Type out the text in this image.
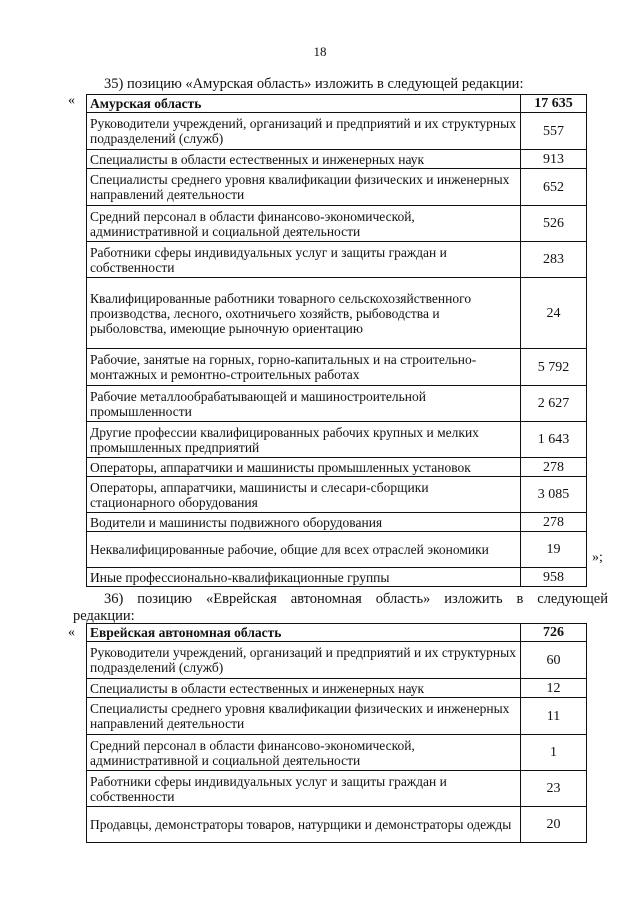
18
35) позицию «Амурская область» изложить в следующей редакции:
« Амурская область	17 635
Руководители учреждений, организаций и предприятий и их структурных подразделений (служб)	557
Специалисты в области естественных и инженерных наук	913
Специалисты среднего уровня квалификации физических и инженерных направлений деятельности	652
Средний персонал в области финансово-экономической, административной и социальной деятельности	526
Работники сферы индивидуальных услуг и защиты граждан и собственности	283
Квалифицированные работники товарного сельскохозяйственного производства, лесного, охотничьего хозяйств, рыбоводства и рыболовства, имеющие рыночную ориентацию	24
Рабочие, занятые на горных, горно-капитальных и на строительно-монтажных и ремонтно-строительных работах	5 792
Рабочие металлообрабатывающей и машиностроительной промышленности	2 627
Другие профессии квалифицированных рабочих крупных и мелких промышленных предприятий	1 643
Операторы, аппаратчики и машинисты промышленных установок	278
Операторы, аппаратчики, машинисты и слесари-сборщики стационарного оборудования	3 085
Водители и машинисты подвижного оборудования	278
Неквалифицированные рабочие, общие для всех отраслей экономики	19
Иные профессионально-квалификационные группы	958
»;
36) позицию «Еврейская автономная область» изложить в следующей
редакции:
« Еврейская автономная область	726
Руководители учреждений, организаций и предприятий и их структурных подразделений (служб)	60
Специалисты в области естественных и инженерных наук	12
Специалисты среднего уровня квалификации физических и инженерных направлений деятельности	11
Средний персонал в области финансово-экономической, административной и социальной деятельности	1
Работники сферы индивидуальных услуг и защиты граждан и собственности	23
Продавцы, демонстраторы товаров, натурщики и демонстраторы одежды	20
